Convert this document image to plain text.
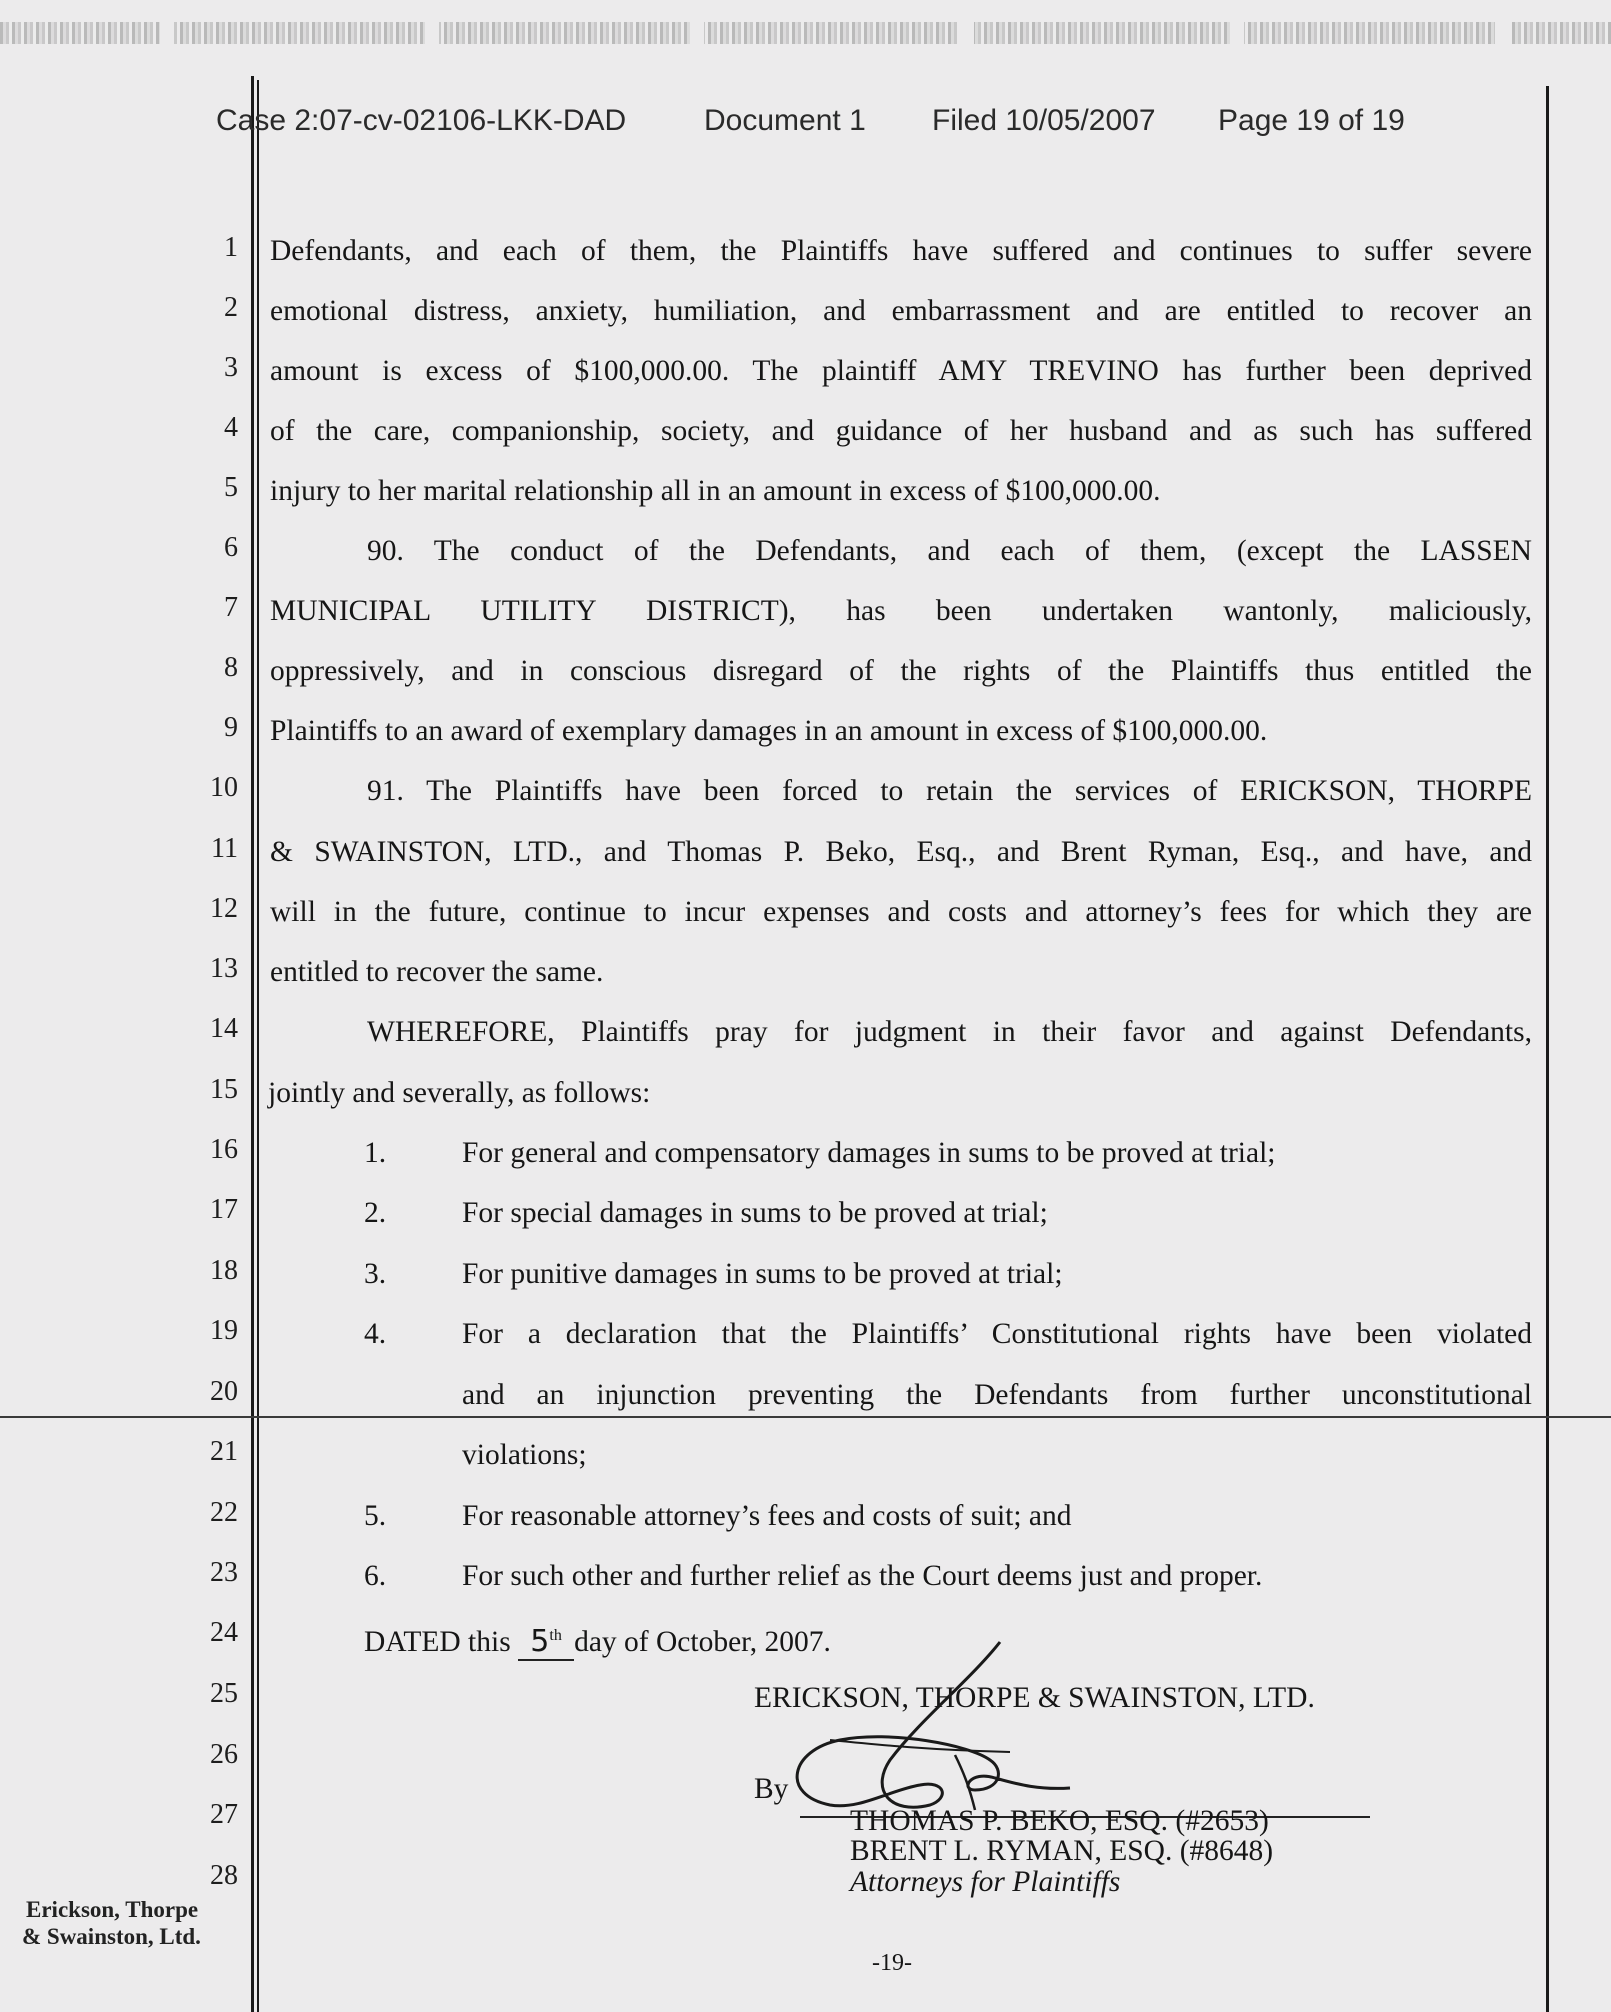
Case 2:07-cv-02106-LKK-DAD	Document 1 Filed 10/05/2007 Page 19 of 19
1
2
3
4
5
6
7
8
9
10
11
12
13
14
15
16
17
18
19
20
21
22
23
24
25
26
27
28
Defendants, and each of them, the Plaintiffs have suffered and continues to suffer severe
emotional distress, anxiety, humiliation, and embarrassment and are entitled to recover an
amount is excess of $100,000.00. The plaintiff AMY TREVINO has further been deprived
of the care, companionship, society, and guidance of her husband and as such has suffered
injury to her marital relationship all in an amount in excess of $100,000.00.
90. The conduct of the Defendants, and each of them, (except the LASSEN
MUNICIPAL UTILITY DISTRICT), has been undertaken wantonly, maliciously,
oppressively, and in conscious disregard of the rights of the Plaintiffs thus entitled the
Plaintiffs to an award of exemplary damages in an amount in excess of $100,000.00.
91. The Plaintiffs have been forced to retain the services of ERICKSON, THORPE
& SWAINSTON, LTD., and Thomas P. Beko, Esq., and Brent Ryman, Esq., and have, and
will in the future, continue to incur expenses and costs and attorney’s fees for which they are
entitled to recover the same.
WHEREFORE, Plaintiffs pray for judgment in their favor and against Defendants,
jointly and severally, as follows:
1.	For general and compensatory damages in sums to be proved at trial;
2.	For special damages in sums to be proved at trial;
3.	For punitive damages in sums to be proved at trial;
4.	For a declaration that the Plaintiffs’ Constitutional rights have been violated
and an injunction preventing the Defendants from further unconstitutional
violations;
5.	For reasonable attorney’s fees and costs of suit; and
6.	For such other and further relief as the Court deems just and proper.
DATED this 5th day of October, 2007.
ERICKSON, THORPE & SWAINSTON, LTD.
By
THOMAS P. BEKO, ESQ. (#2653)
BRENT L. RYMAN, ESQ. (#8648)
Attorneys for Plaintiffs
Erickson, Thorpe
& Swainston, Ltd.
-19-
